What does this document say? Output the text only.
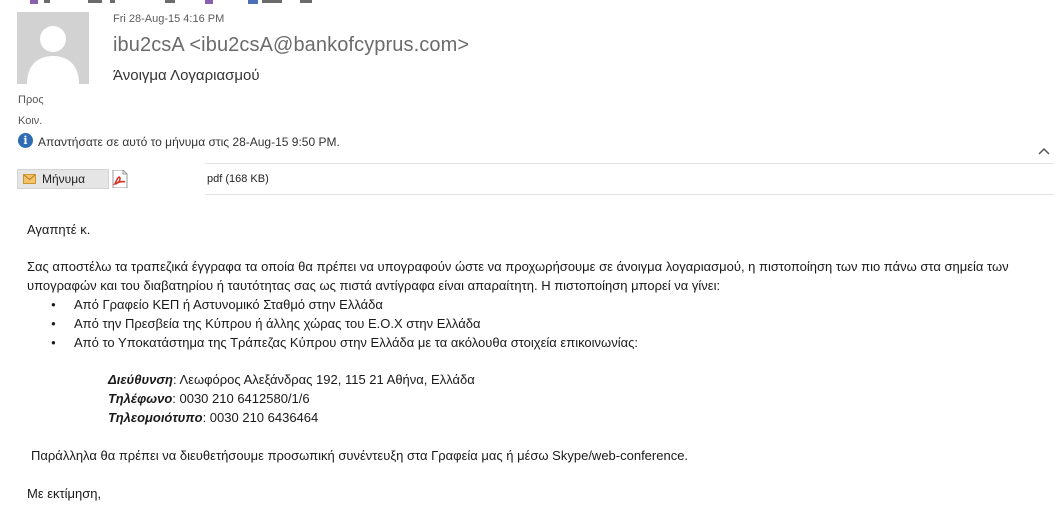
Fri 28-Aug-15 4:16 PM
ibu2csA <ibu2csA@bankofcyprus.com>
Άνοιγμα Λογαριασμού
Προς
Κοιν.
i Απαντήσατε σε αυτό το μήνυμα στις 28-Aug-15 9:50 PM.
Μήνυμα	pdf (168 KB)

Αγαπητέ κ.

Σας αποστέλω τα τραπεζικά έγγραφα τα οποία θα πρέπει να υπογραφούν ώστε να προχωρήσουμε σε άνοιγμα λογαριασμού, η πιστοποίηση των πιο πάνω στα σημεία των υπογραφών και του διαβατηρίου ή ταυτότητας σας ως πιστά αντίγραφα είναι απαραίτητη. Η πιστοποίηση μπορεί να γίνει:

● Από Γραφείο ΚΕΠ ή Αστυνομικό Σταθμό στην Ελλάδα
● Από την Πρεσβεία της Κύπρου ή άλλης χώρας του Ε.Ο.Χ στην Ελλάδα
● Από το Υποκατάστημα της Τράπεζας Κύπρου στην Ελλάδα με τα ακόλουθα στοιχεία επικοινωνίας:
Διεύθυνση: Λεωφόρος Αλεξάνδρας 192, 115 21 Αθήνα, Ελλάδα
Τηλέφωνο: 0030 210 6412580/1/6
Τηλεομοιότυπο: 0030 210 6436464

Παράλληλα θα πρέπει να διευθετήσουμε προσωπική συνέντευξη στα Γραφεία μας ή μέσω Skype/web-conference.

Με εκτίμηση,
